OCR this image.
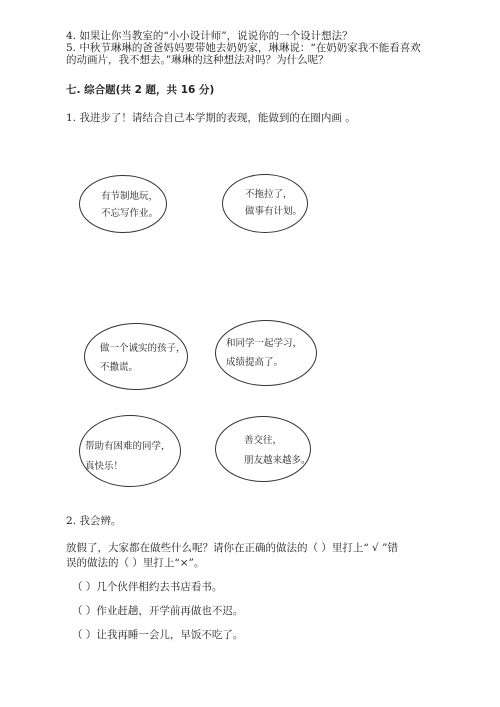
4. 如果让你当教室的“小小设计师”，说说你的一个设计想法？
5. 中秋节琳琳的爸爸妈妈要带她去奶奶家，琳琳说：“在奶奶家我不能看喜欢
的动画片，我不想去。”琳琳的这种想法对吗？为什么呢？
七. 综合题(共 2 题，共 16 分)
1. 我进步了！请结合自己本学期的表现，能做到的在圈内画 。
有节制地玩，
不忘写作业。
不拖拉了，
做事有计划。
做一个诚实的孩子，
不撒谎。
和同学一起学习，
成绩提高了。
帮助有困难的同学，
真快乐！
善交往，
朋友越来越多。
2. 我会辨。
放假了，大家都在做些什么呢？请你在正确的做法的（ ）里打上“ √ ”错
误的做法的（ ）里打上“×”。
（ ）几个伙伴相约去书店看书。
（ ）作业赶趟，开学前再做也不迟。
（ ）让我再睡一会儿，早饭不吃了。
